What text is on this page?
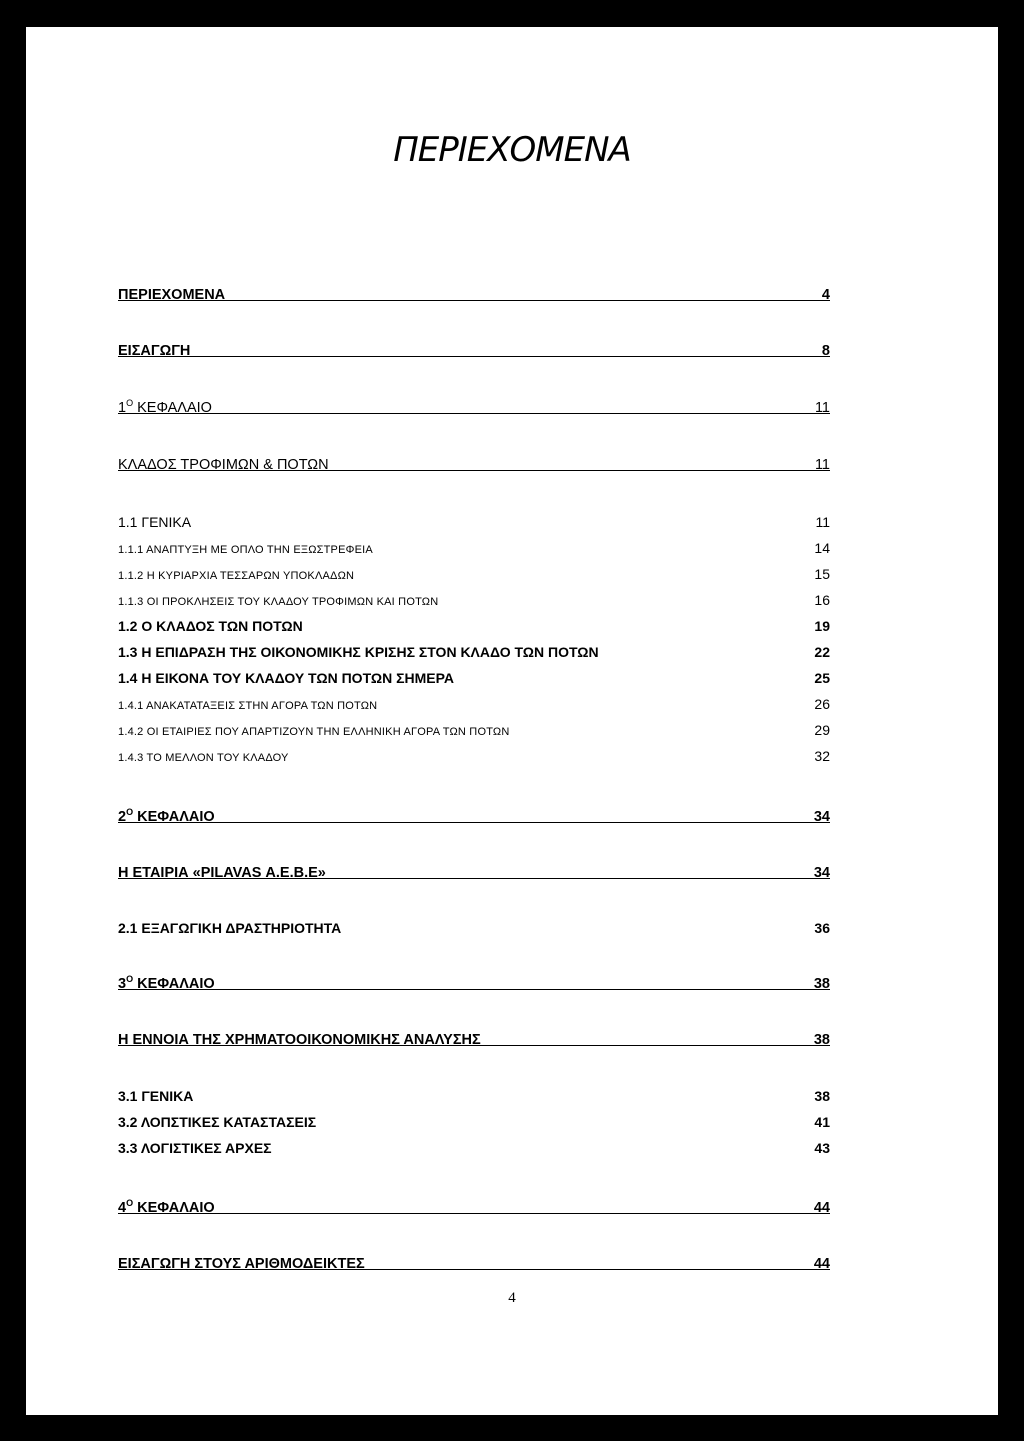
ΠΕΡΙΕΧΟΜΕΝΑ
ΠΕΡΙΕΧΟΜΕΝΑ	4
ΕΙΣΑΓΩΓΗ	8
$1^O$ ΚΕΦΑΛΑΙΟ	11
ΚΛΑΔΟΣ ΤΡΟΦΙΜΩΝ & ΠΟΤΩΝ	11
1.1 ΓΕΝΙΚΑ	11
1.1.1 ΑΝΑΠΤΥΞΗ ΜΕ ΟΠΛΟ ΤΗΝ ΕΞΩΣΤΡΕΦΕΙΑ	14
1.1.2 Η ΚΥΡΙΑΡΧΙΑ ΤΕΣΣΑΡΩΝ ΥΠΟΚΛΑΔΩΝ	15
1.1.3 ΟΙ ΠΡΟΚΛΗΣΕΙΣ ΤΟΥ ΚΛΑΔΟΥ ΤΡΟΦΙΜΩΝ ΚΑΙ ΠΟΤΩΝ	16
1.2 Ο ΚΛΑΔΟΣ ΤΩΝ ΠΟΤΩΝ	19
1.3 Η ΕΠΙΔΡΑΣΗ ΤΗΣ ΟΙΚΟΝΟΜΙΚΗΣ ΚΡΙΣΗΣ ΣΤΟΝ ΚΛΑΔΟ ΤΩΝ ΠΟΤΩΝ	22
1.4 Η ΕΙΚΟΝΑ ΤΟΥ ΚΛΑΔΟΥ ΤΩΝ ΠΟΤΩΝ ΣΗΜΕΡΑ	25
1.4.1 ΑΝΑΚΑΤΑΤΑΞΕΙΣ ΣΤΗΝ ΑΓΟΡΑ ΤΩΝ ΠΟΤΩΝ	26
1.4.2 ΟΙ ΕΤΑΙΡΙΕΣ ΠΟΥ ΑΠΑΡΤΙΖΟΥΝ ΤΗΝ ΕΛΛΗΝΙΚΗ ΑΓΟΡΑ ΤΩΝ ΠΟΤΩΝ	29
1.4.3 ΤΟ ΜΕΛΛΟΝ ΤΟΥ ΚΛΑΔΟΥ	32
$2^O$ ΚΕΦΑΛΑΙΟ	34
Η ΕΤΑΙΡΙΑ «PILAVAS Α.Ε.Β.Ε»	34
2.1 ΕΞΑΓΩΓΙΚΗ ΔΡΑΣΤΗΡΙΟΤΗΤΑ	36
$3^O$ ΚΕΦΑΛΑΙΟ	38
Η ΕΝΝΟΙΑ ΤΗΣ ΧΡΗΜΑΤΟΟΙΚΟΝΟΜΙΚΗΣ ΑΝΑΛΥΣΗΣ	38
3.1 ΓΕΝΙΚΑ	38
3.2 ΛΟΠΣΤΙΚΕΣ ΚΑΤΑΣΤΑΣΕΙΣ	41
3.3 ΛΟΓΙΣΤΙΚΕΣ ΑΡΧΕΣ	43
$4^O$ ΚΕΦΑΛΑΙΟ	44
ΕΙΣΑΓΩΓΗ ΣΤΟΥΣ ΑΡΙΘΜΟΔΕΙΚΤΕΣ	44
4
